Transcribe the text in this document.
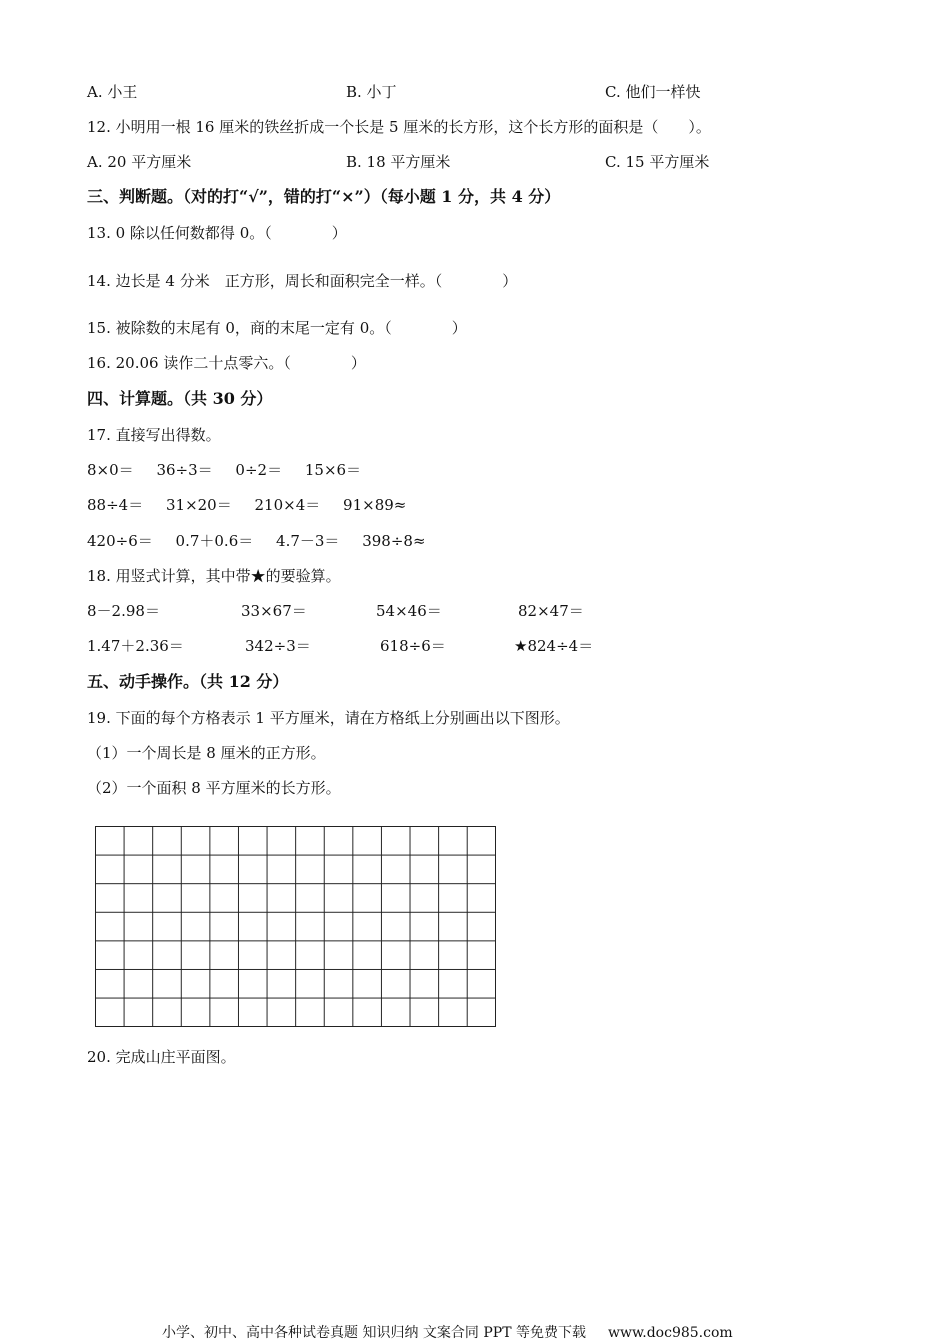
A. 小王	B. 小丁	C. 他们一样快
12. 小明用一根 16 厘米的铁丝折成一个长是 5 厘米的长方形，这个长方形的面积是（　　）。
A. 20 平方厘米	B. 18 平方厘米	C. 15 平方厘米
三、判断题。（对的打“√”，错的打“×”）（每小题 1 分，共 4 分）
13. 0 除以任何数都得 0。（　　　　）
14. 边长是 4 分米　正方形，周长和面积完全一样。（　　　　）
15. 被除数的末尾有 0，商的末尾一定有 0。（　　　　）
16. 20.06 读作二十点零六。（　　　　）
四、计算题。（共 30 分）
17. 直接写出得数。
8×0＝ 36÷3＝ 0÷2＝ 15×6＝
88÷4＝ 31×20＝ 210×4＝ 91×89≈
420÷6＝ 0.7＋0.6＝ 4.7－3＝ 398÷8≈
18. 用竖式计算，其中带★的要验算。
8－2.98＝	33×67＝	54×46＝	82×47＝
1.47＋2.36＝	342÷3＝	618÷6＝	★824÷4＝
五、动手操作。（共 12 分）
19. 下面的每个方格表示 1 平方厘米，请在方格纸上分别画出以下图形。
（1）一个周长是 8 厘米的正方形。
（2）一个面积 8 平方厘米的长方形。
20. 完成山庄平面图。
小学、初中、高中各种试卷真题 知识归纳 文案合同 PPT 等免费下载 www.doc985.com
